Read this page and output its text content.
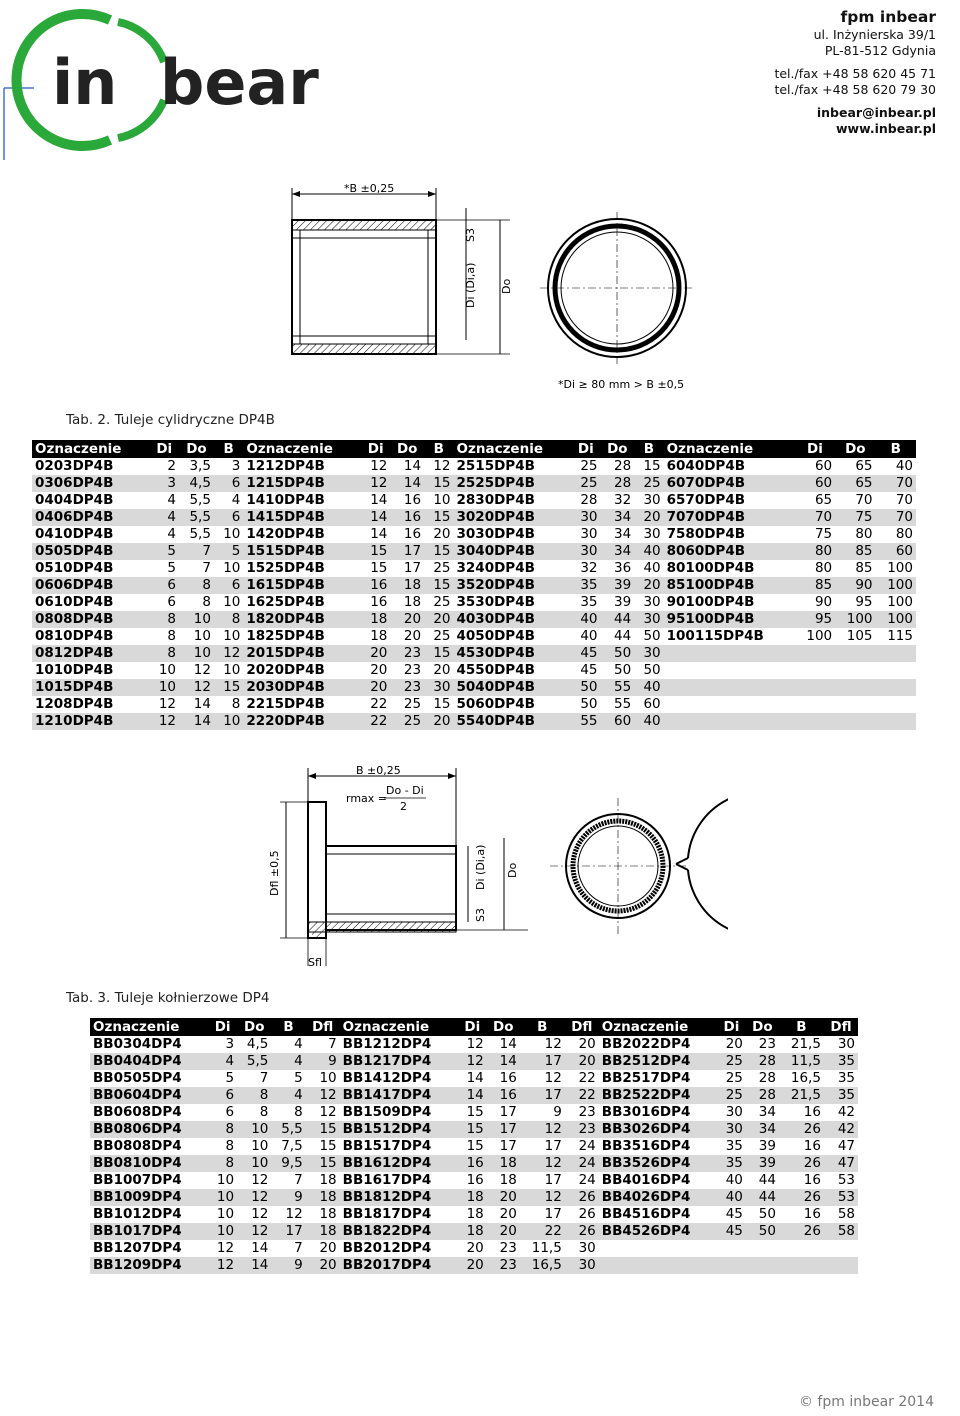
in bear
fpm inbear
ul. Inżynierska 39/1
PL-81-512 Gdynia
tel./fax +48 58 620 45 71
tel./fax +48 58 620 79 30
inbear@inbear.pl
www.inbear.pl
*B ±0,25
S3
Di (Di,a) Do
*Di ≥ 80 mm > B ±0,5
Tab. 2. Tuleje cylidryczne DP4B
Oznaczenie	Di	Do	B	Oznaczenie	Di	Do	B	Oznaczenie	Di	Do	B	Oznaczenie	Di	Do	B
0203DP4B	2	3,5	3	1212DP4B	12	14	12	2515DP4B	25	28	15	6040DP4B	60	65	40
0306DP4B	3	4,5	6	1215DP4B	12	14	15	2525DP4B	25	28	25	6070DP4B	60	65	70
0404DP4B	4	5,5	4	1410DP4B	14	16	10	2830DP4B	28	32	30	6570DP4B	65	70	70
0406DP4B	4	5,5	6	1415DP4B	14	16	15	3020DP4B	30	34	20	7070DP4B	70	75	70
0410DP4B	4	5,5	10	1420DP4B	14	16	20	3030DP4B	30	34	30	7580DP4B	75	80	80
0505DP4B	5	7	5	1515DP4B	15	17	15	3040DP4B	30	34	40	8060DP4B	80	85	60
0510DP4B	5	7	10	1525DP4B	15	17	25	3240DP4B	32	36	40	80100DP4B	80	85	100
0606DP4B	6	8	6	1615DP4B	16	18	15	3520DP4B	35	39	20	85100DP4B	85	90	100
0610DP4B	6	8	10	1625DP4B	16	18	25	3530DP4B	35	39	30	90100DP4B	90	95	100
0808DP4B	8	10	8	1820DP4B	18	20	20	4030DP4B	40	44	30	95100DP4B	95	100	100
0810DP4B	8	10	10	1825DP4B	18	20	25	4050DP4B	40	44	50	100115DP4B	100	105	115
0812DP4B	8	10	12	2015DP4B	20	23	15	4530DP4B	45	50	30				
1010DP4B	10	12	10	2020DP4B	20	23	20	4550DP4B	45	50	50				
1015DP4B	10	12	15	2030DP4B	20	23	30	5040DP4B	50	55	40				
1208DP4B	12	14	8	2215DP4B	22	25	15	5060DP4B	50	55	60				
1210DP4B	12	14	10	2220DP4B	22	25	20	5540DP4B	55	60	40				
B ±0,25
rmax =
Do - Di
2
Dfl ±0,5	Di (Di,a) Do
S3
Sfl
Tab. 3. Tuleje kołnierzowe DP4
Oznaczenie	Di	Do	B	Dfl	Oznaczenie	Di	Do	B	Dfl	Oznaczenie	Di	Do	B	Dfl
BB0304DP4	3	4,5	4	7	BB1212DP4	12	14	12	20	BB2022DP4	20	23	21,5	30
BB0404DP4	4	5,5	4	9	BB1217DP4	12	14	17	20	BB2512DP4	25	28	11,5	35
BB0505DP4	5	7	5	10	BB1412DP4	14	16	12	22	BB2517DP4	25	28	16,5	35
BB0604DP4	6	8	4	12	BB1417DP4	14	16	17	22	BB2522DP4	25	28	21,5	35
BB0608DP4	6	8	8	12	BB1509DP4	15	17	9	23	BB3016DP4	30	34	16	42
BB0806DP4	8	10	5,5	15	BB1512DP4	15	17	12	23	BB3026DP4	30	34	26	42
BB0808DP4	8	10	7,5	15	BB1517DP4	15	17	17	24	BB3516DP4	35	39	16	47
BB0810DP4	8	10	9,5	15	BB1612DP4	16	18	12	24	BB3526DP4	35	39	26	47
BB1007DP4	10	12	7	18	BB1617DP4	16	18	17	24	BB4016DP4	40	44	16	53
BB1009DP4	10	12	9	18	BB1812DP4	18	20	12	26	BB4026DP4	40	44	26	53
BB1012DP4	10	12	12	18	BB1817DP4	18	20	17	26	BB4516DP4	45	50	16	58
BB1017DP4	10	12	17	18	BB1822DP4	18	20	22	26	BB4526DP4	45	50	26	58
BB1207DP4	12	14	7	20	BB2012DP4	20	23	11,5	30					
BB1209DP4	12	14	9	20	BB2017DP4	20	23	16,5	30					
© fpm inbear 2014
